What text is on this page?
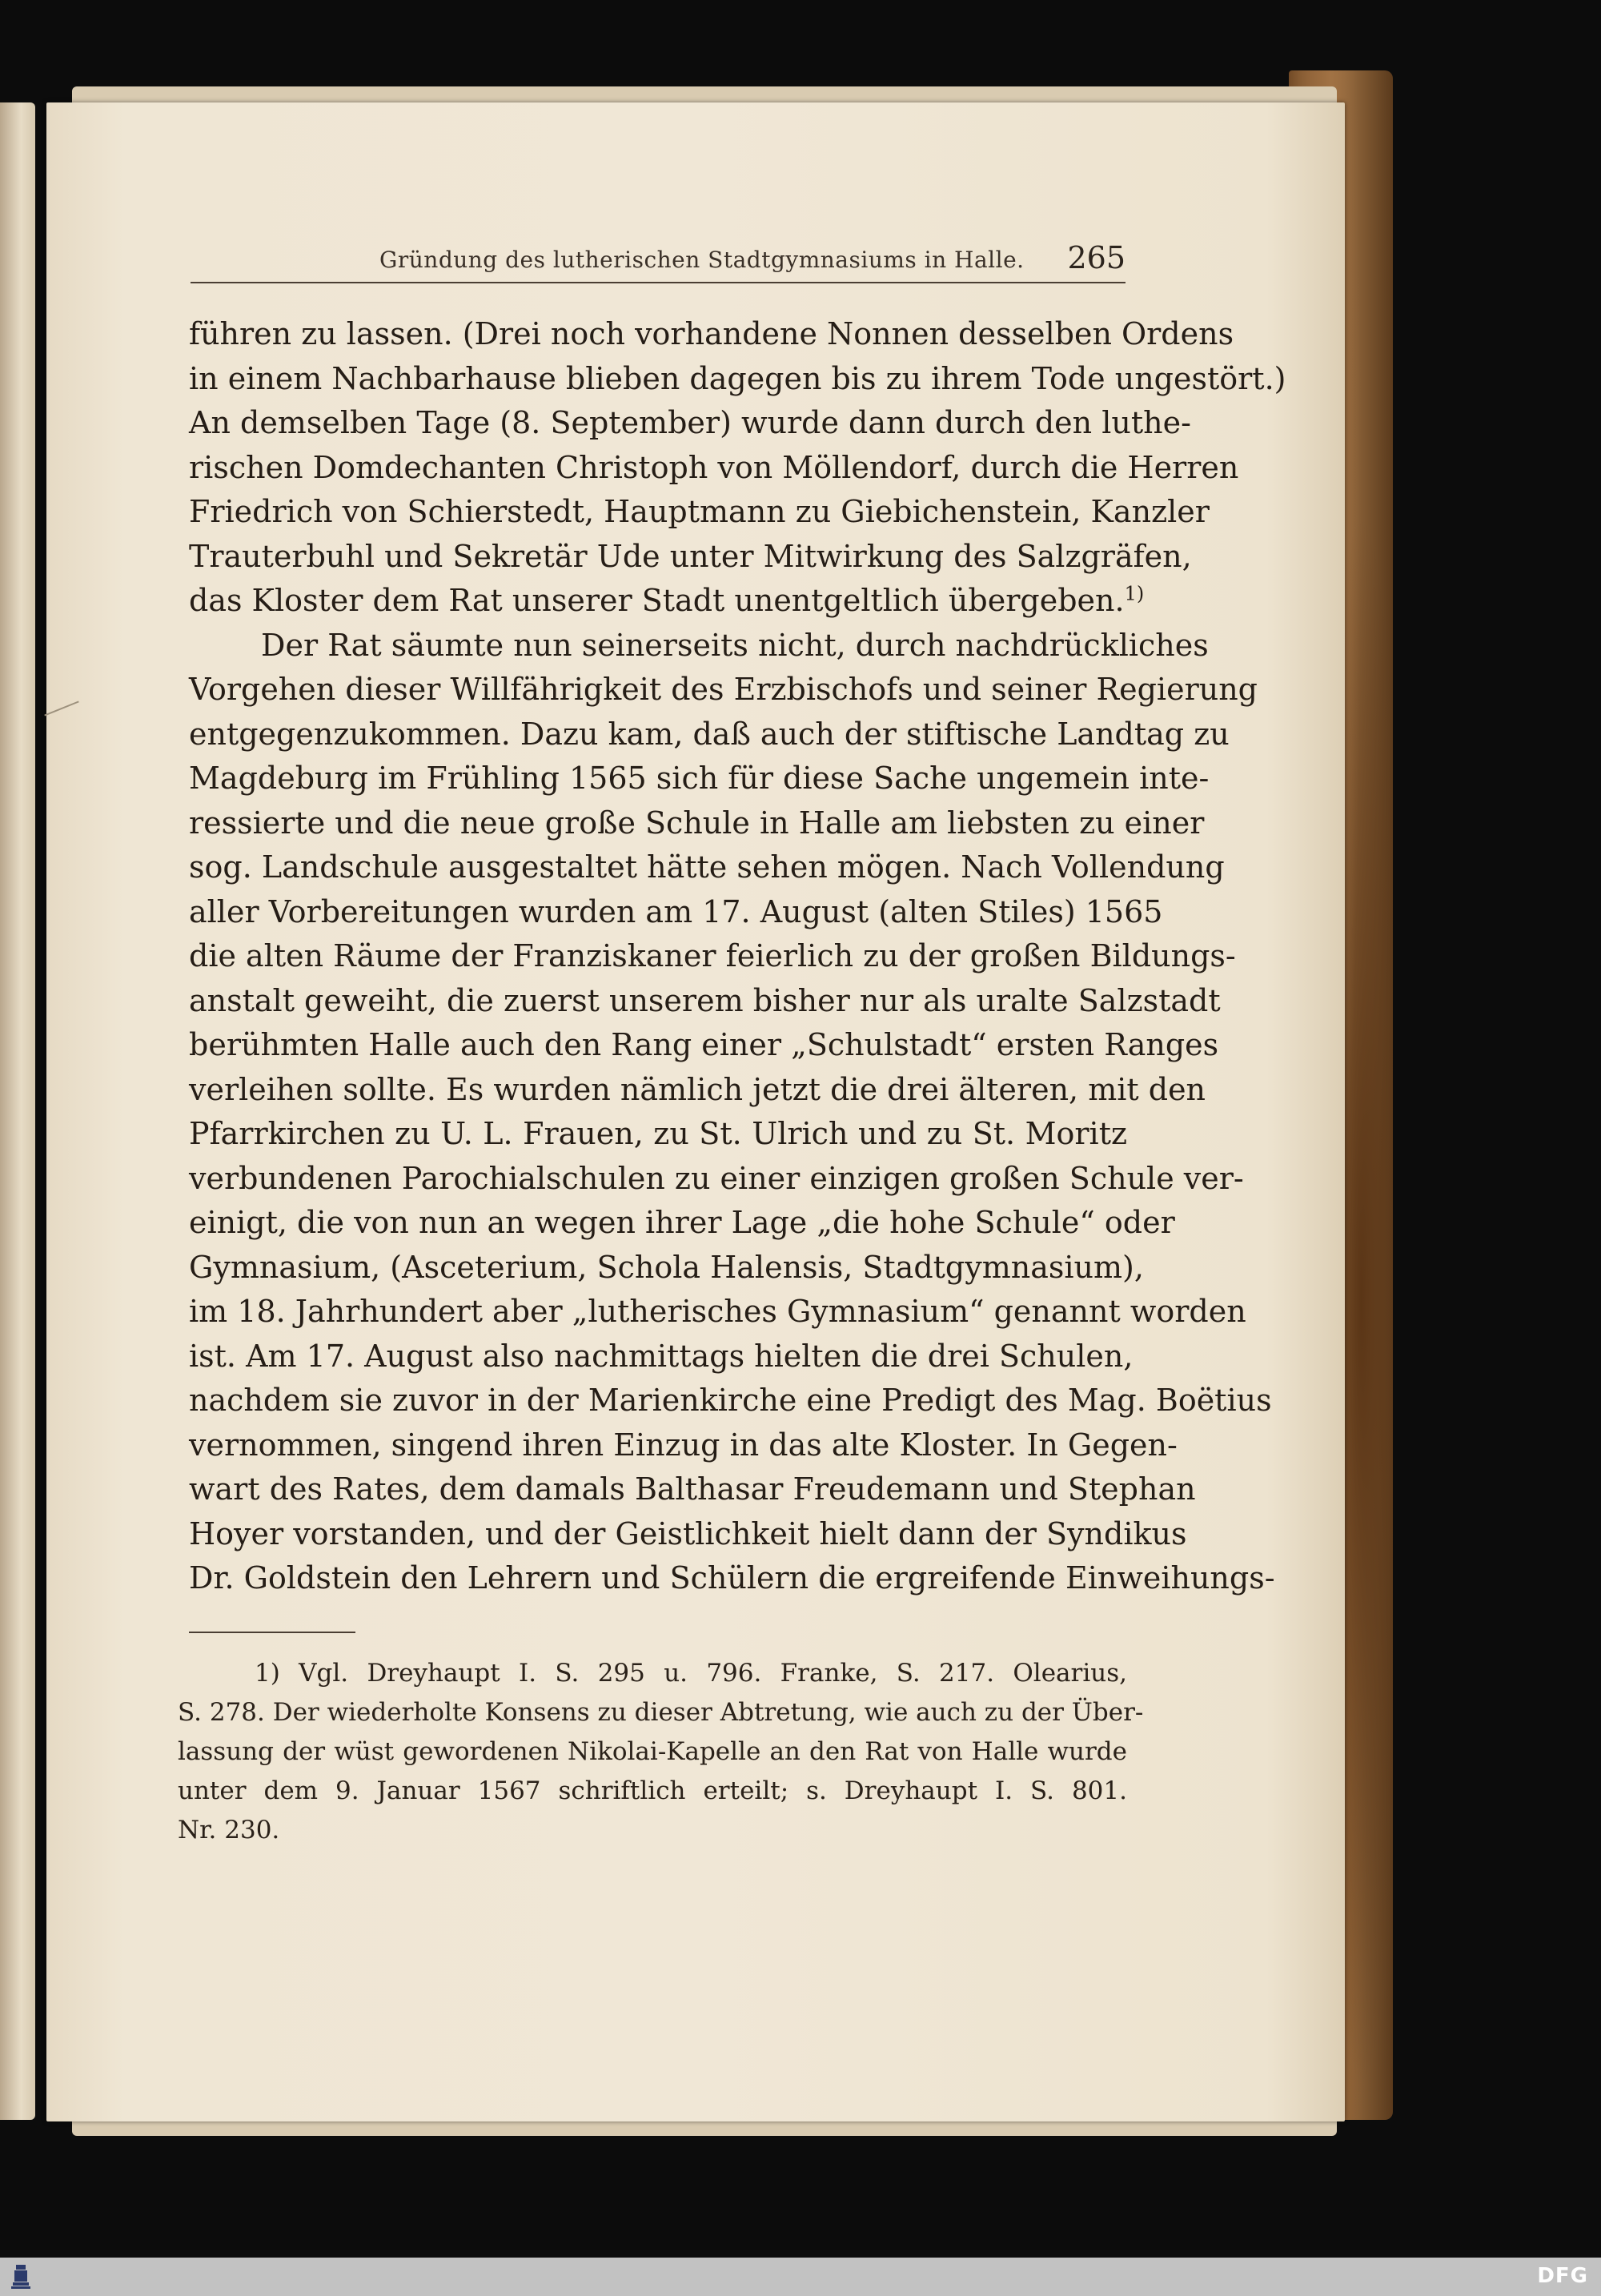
Gründung des lutherischen Stadtgymnasiums in Halle. 265
führen zu lassen. (Drei noch vorhandene Nonnen desselben Ordens
in einem Nachbarhause blieben dagegen bis zu ihrem Tode ungestört.)
An demselben Tage (8. September) wurde dann durch den luthe-
rischen Domdechanten Christoph von Möllendorf, durch die Herren
Friedrich von Schierstedt, Hauptmann zu Giebichenstein, Kanzler
Trauterbuhl und Sekretär Ude unter Mitwirkung des Salzgräfen,
das Kloster dem Rat unserer Stadt unentgeltlich übergeben.$^{1)}$
Der Rat säumte nun seinerseits nicht, durch nachdrückliches
Vorgehen dieser Willfährigkeit des Erzbischofs und seiner Regierung
entgegenzukommen. Dazu kam, daß auch der stiftische Landtag zu
Magdeburg im Frühling 1565 sich für diese Sache ungemein inte-
ressierte und die neue große Schule in Halle am liebsten zu einer
sog. Landschule ausgestaltet hätte sehen mögen. Nach Vollendung
aller Vorbereitungen wurden am 17. August (alten Stiles) 1565
die alten Räume der Franziskaner feierlich zu der großen Bildungs-
anstalt geweiht, die zuerst unserem bisher nur als uralte Salzstadt
berühmten Halle auch den Rang einer „Schulstadt“ ersten Ranges
verleihen sollte. Es wurden nämlich jetzt die drei älteren, mit den
Pfarrkirchen zu U. L. Frauen, zu St. Ulrich und zu St. Moritz
verbundenen Parochialschulen zu einer einzigen großen Schule ver-
einigt, die von nun an wegen ihrer Lage „die hohe Schule“ oder
Gymnasium, (Asceterium, Schola Halensis, Stadtgymnasium),
im 18. Jahrhundert aber „lutherisches Gymnasium“ genannt worden
ist. Am 17. August also nachmittags hielten die drei Schulen,
nachdem sie zuvor in der Marienkirche eine Predigt des Mag. Boëtius
vernommen, singend ihren Einzug in das alte Kloster. In Gegen-
wart des Rates, dem damals Balthasar Freudemann und Stephan
Hoyer vorstanden, und der Geistlichkeit hielt dann der Syndikus
Dr. Goldstein den Lehrern und Schülern die ergreifende Einweihungs-
1) Vgl. Dreyhaupt I. S. 295 u. 796. Franke, S. 217. Olearius,
S. 278. Der wiederholte Konsens zu dieser Abtretung, wie auch zu der Über-
lassung der wüst gewordenen Nikolai-Kapelle an den Rat von Halle wurde
unter dem 9. Januar 1567 schriftlich erteilt; s. Dreyhaupt I. S. 801.
Nr. 230.
DFG
